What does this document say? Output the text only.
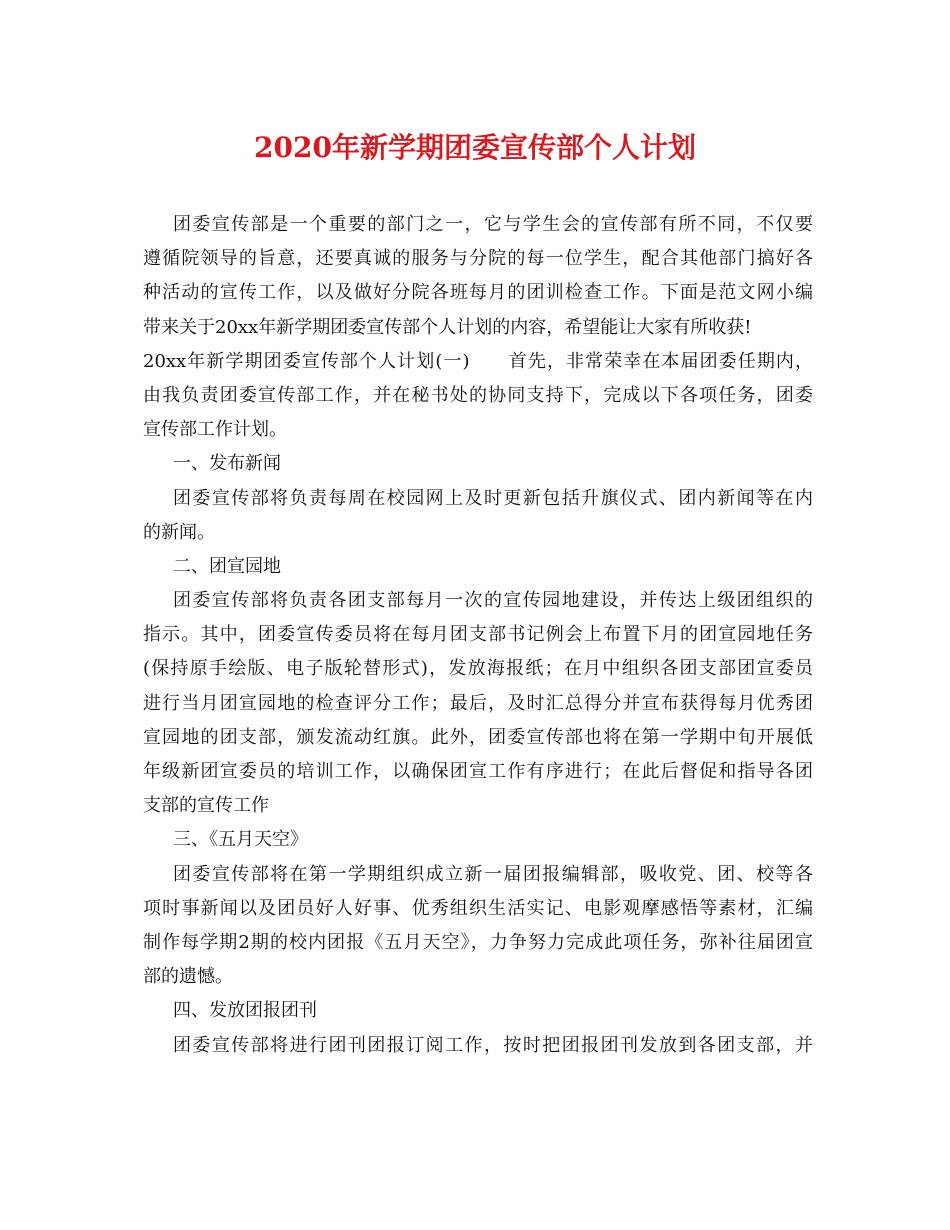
2020年新学期团委宣传部个人计划
团委宣传部是一个重要的部门之一，它与学生会的宣传部有所不同，不仅要
遵循院领导的旨意，还要真诚的服务与分院的每一位学生，配合其他部门搞好各
种活动的宣传工作，以及做好分院各班每月的团训检查工作。下面是范文网小编
带来关于20xx年新学期团委宣传部个人计划的内容，希望能让大家有所收获!
20xx年新学期团委宣传部个人计划(一)　　首先，非常荣幸在本届团委任期内，
由我负责团委宣传部工作，并在秘书处的协同支持下，完成以下各项任务，团委
宣传部工作计划。
一、发布新闻
团委宣传部将负责每周在校园网上及时更新包括升旗仪式、团内新闻等在内
的新闻。
二、团宣园地
团委宣传部将负责各团支部每月一次的宣传园地建设，并传达上级团组织的
指示。其中，团委宣传委员将在每月团支部书记例会上布置下月的团宣园地任务
(保持原手绘版、电子版轮替形式)，发放海报纸；在月中组织各团支部团宣委员
进行当月团宣园地的检查评分工作；最后，及时汇总得分并宣布获得每月优秀团
宣园地的团支部，颁发流动红旗。此外，团委宣传部也将在第一学期中旬开展低
年级新团宣委员的培训工作，以确保团宣工作有序进行；在此后督促和指导各团
支部的宣传工作
三、《五月天空》
团委宣传部将在第一学期组织成立新一届团报编辑部，吸收党、团、校等各
项时事新闻以及团员好人好事、优秀组织生活实记、电影观摩感悟等素材，汇编
制作每学期2期的校内团报《五月天空》，力争努力完成此项任务，弥补往届团宣
部的遗憾。
四、发放团报团刊
团委宣传部将进行团刊团报订阅工作，按时把团报团刊发放到各团支部，并
